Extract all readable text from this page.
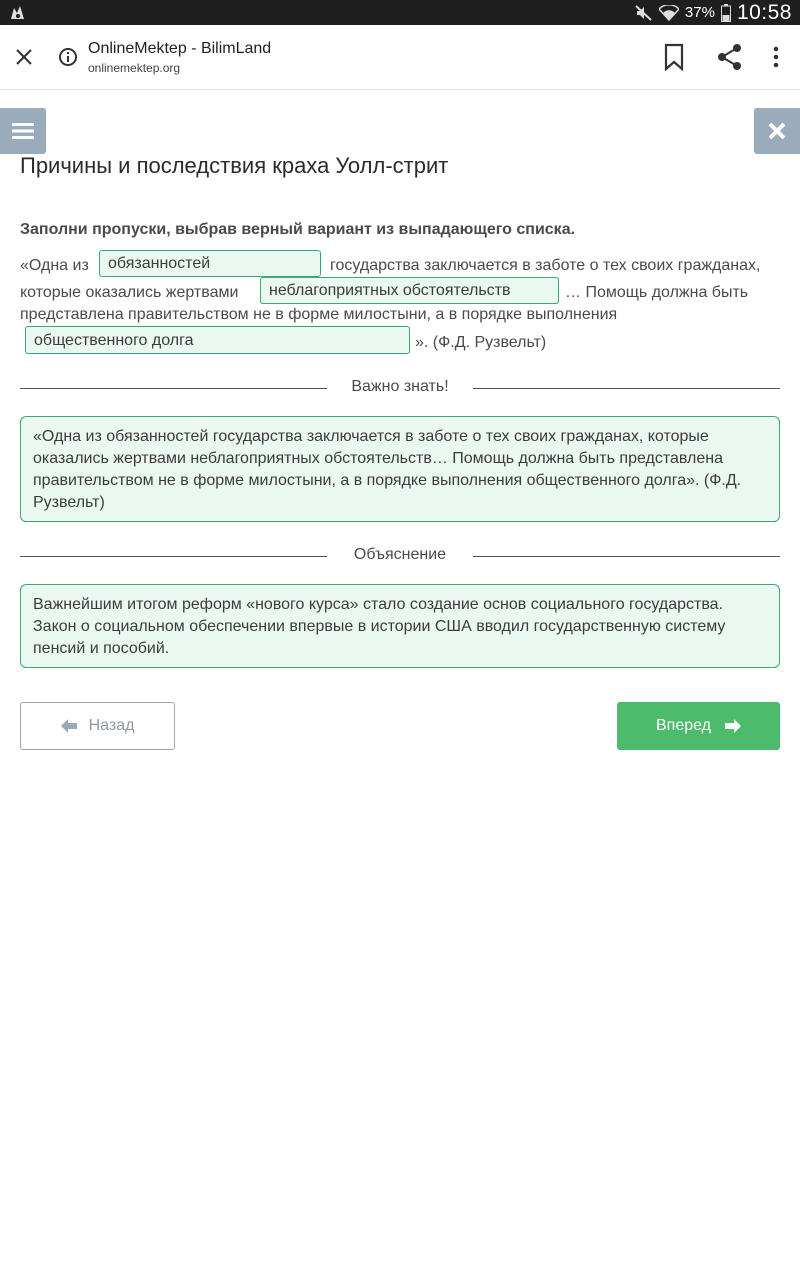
37% 10:58
OnlineMektep - BilimLand
onlinemektep.org
Причины и последствия краха Уолл-стрит
Заполни пропуски, выбрав верный вариант из выпадающего списка.
«Одна из	обязанностей	государства заключается в заботе о тех своих гражданах,
которые оказались жертвами	неблагоприятных обстоятельств	… Помощь должна быть
представлена правительством не в форме милостыни, а в порядке выполнения
общественного долга	». (Ф.Д. Рузвельт)
Важно знать!
«Одна из обязанностей государства заключается в заботе о тех своих гражданах, которые оказались жертвами неблагоприятных обстоятельств… Помощь должна быть представлена правительством не в форме милостыни, а в порядке выполнения общественного долга». (Ф.Д. Рузвельт)
Объяснение
Важнейшим итогом реформ «нового курса» стало создание основ социального государства. Закон о социальном обеспечении впервые в истории США вводил государственную систему пенсий и пособий.
Назад	Вперед
